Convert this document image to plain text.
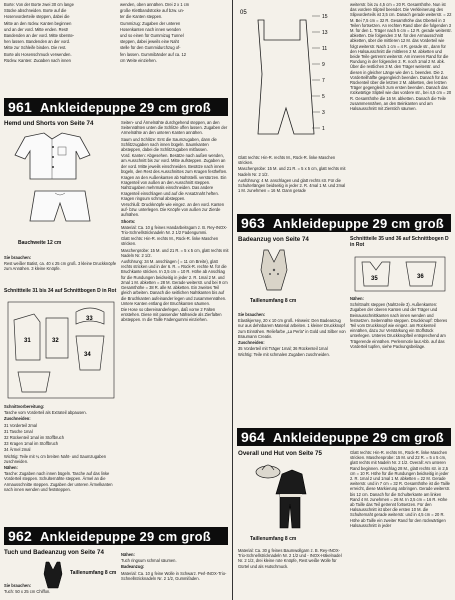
Borte: Von der Borte zwei 30 cm lange

Stücke abschneiden. Borte auf die

Hosenvorderteile steppen, dabei die

Mitte an den rückw. Kanten beginnen

und an der vord. Mitte enden. Rest!

Bandenden an der vord. Mitte überste-

hen lassen. Bandenden an der vord.

Mitte zur Schleife binden. Die rest.

Borte als Hosenschmuck verwenden.

Rückw. Kanten: Zugaben nach innen

wenden, oben annähen. Drei 2 x 1 cm

große Klettbandstücke auf bzw. un-

ter die Kanten steppen.

Gummizug: Zugaben der unteren

Hosenkanten nach innen wenden

und so einen für Gummizug Tunnel

steppen, dabei jeweils eine Naht

stelle für den Gummidurchzug of-

fen lassen. Gummibänder auf ca. 12

cm Weite einziehen.

961 Ankleidepuppe 29 cm groß
Hemd und Shorts von Seite 74
Bauchweite 12 cm

Sie brauchen:

Rest weißer Batist, ca. 40 x 25 cm groß. 3 kleine Druckknöpfe zum Annähen. 3 kleine Knöpfe.

Schnittteile 31 bis 34 auf Schnittbogen D in Rot
31	32
33
34

Schnittvorbereitung:

Tasche vom Vorderteil als Extrateil abpausen.

Zuschneiden:

31 Vorderteil 2mal

31 Tasche 1mal

32 Rückenteil 1mal im Stoffbruch

33 Kragen 1mal im Stoffbruch

34 Ärmel 2mal

Wichtig: Teile mit ¼ cm breiten Naht- und Saumzugaben zuschneiden.

Nähen:

Tasche: Zugaben nach innen bügeln. Tasche auf das linke Vorderteil steppen. Schulternähte steppen. Ärmel an die Armausschnitte steppen. Zugaben der unteren Ärmelkanten nach innen wenden und feststeppen.

Seiten- und Ärmelnähte durchgehend steppen, an den Seitennähten unten die Schlitze offen lassen. Zugaben der Armelnähte an den unteren Kanten annähen.

Saum und Schlitze: Erst die Saumzugaben, dann die Schlitzzugaben nach innen bügeln. Saumkanten absteppen, dabei die Schlitzzugaben mitfassen.

Vord. Kanten: Abgesehen. Besätze nach außen wenden, am Ausschnitt bis zur vord. Mitte aufsteppen. Zugaben an der vord. Mitte jeweils einschneiden. Besätze nach innen bügeln, den Rest des Ausschnittes zum Kragen festheften.

Kragen an den Außenkanten ab Nahtstelli. verstürzen. Ein Kragenteil von außen an den Ausschnitt steppen. Nahtzugaben mehrmals einschneiden. Das andere Kragenteil einschlagen und auf die Ansatznaht heften. Kragen ringsum schmal absteppen.

Verschluß: Druckknöpfe wie eingez. an den vord. Kanten auf- bzw. unterlegen. Die Knöpfe von außen zur Zierde aufnähen.

Shorts:

Material: Ca. 10 g feines Handarbeitsgarn z. B. Rey-INOX-Trio-Schnellstricknadeln Nr. 2 1/2 Fadengummi.

Glatt rechts: Hin-R. rechts M., Rück-R. linke Maschen stricken.

Maschenprobe: 15 M. und 21 R. = 5 x 5 cm, glatt rechts mit Nadeln Nr. 2 1/2.

Ausführung: 34 M. anschlagen ( = 11 cm Breite), glatt rechts stricken und in der 6. R. = Rück-R. rechte M. für die Bruchkante stricken. In 3,5 cm = 10 R. Höhe ab Anschlag für die Rundungen beidseitig in jeder 2. R. 1mal 2 M. und 2mal 1 M. abketten = 28 M. Gerade weiterstr. und bei 9 cm Gesamthöhe = 38 R. alle M. abketten. Ein zweites Teil gleich arbeiten. Danach die seitlichen Nahtkanten bis auf die Bruchkanten aufeinander legen und zusammennähen. Untere Kanten entlang der Bruchkanten säumen.

Die Hose so übereinanderlegen, daß vorne 2 Falten entstehen. Diese mit passender Nähseide als Zierfalten absteppen. In die Taille Fadengummi einziehen.

962 Ankleidepuppe 29 cm groß
Tuch und Badeanzug von Seite 74
Taillenumfang 8 cm

Sie brauchen:

Tuch: 50 x 25 cm Chiffon.

Nähen:

Tuch ringsum schmal säumen.

Badeanzug:

Material: Ca. 10 g feine Wolle in Schwarz. Perl-INOX-Trio-Schnellstricknadeln Nr. 2 1/2, Gummifaden.

15
13
11
9
7
5
3
1
05

Glatt rechts: Hin-R. rechts M., Rück-R. linke Maschen stricken.

Maschenprobe: 15 M. und 21 R. = 5 x 5 cm, glatt rechts mit Nadeln Nr. 2 1/2.

Ausführung: 4 M. anschlagen und glatt rechts str. Für die Schulterlängen beidseitig in jeder 2. R. 4mal 1 M. und 2mal 1 M. zunehmen = 16 M. Dann gerade

weiterstr. bis zu 4,5 cm = 20 R. Gesamthöhe. Nun ist das vordere Slipteil beendet. Die Verkleinerung des Slipvorderteils ist 3,5 cm. Danach gerade weiterstr. = 22 M. Bei 7,5 cm = 32 R. Gesamthöhe das Oberteil in 3 Teilen fortsetzen. An rechten Rand über die folgenden 3 M. für den 1. Träger nach 5 cm = 12 R. gerade weiterstr. abketten. Die folgenden 3 M. für den Armausschnitt abketten, über die mittleren 12 M. das Vorderteil wie folgt weiterstr. Nach 1 cm = 4 R. gerade str., dann für den Halsausschnitt die mittleren 2 M. abketten und beide Teile getrennt weiterstr. Am inneren Rand für die Rundung in der folgenden 2. R. noch 1mal 2 M. abk. Über die restlichen 3 M. den Träger weiterstr. und diesen in gleicher Länge wie den 1. beenden. Die 2. Vorderteilhälfte gegengleich beenden. Danach für das Rückenteil über die letzten 2 M. abketten, den letzten Träger gegengleich zum ersten beenden. Danach das rückwärtige Slipteil wie das vordere str., bei 4,5 cm = 20 R. Gesamthöhe die 16 M. abketten. Danach die Teile zusammennähen, an den Beinkanten und am Halsausschnitt mit Zierstich säumen.

963 Ankleidepuppe 29 cm groß
Badeanzug von Seite 74
Taillenumfang 8 cm

Sie brauchen:

Elastikjersey, 20 x 10 cm groß. Hinweis: Den Badeanzug nur aus dehnbarem Material arbeiten. 1 kleiner Druckknopf zum Einnähen. Reliefarbe „La Perla“ in Gold und Silber von Braumann Creativ.

Zuschneiden:

35 Vorderteil mit Träger 1mal; 36 Rückenteil 1mal

Wichtig: Teile mit schmalen Zugaben zuschneiden.

Schnittteile 35 und 36 auf Schnittbogen D in Rot
35	36

Nähen:

Schrittnaht steppen (Nahtzeile 3). Außenkanten: Zugaben der oberen Kanten und der Träger und Beinausschnittkanten nach innen wenden und festsetzen. Seitennähte steppen. Druckknopf: Oberes Teil vom Druckknopf wie eingez. am Rückenteil einnähen, dazu zur Verstärkung ein Stoffstück unterlegen. Unteres Druckknopfteil entsprechend am Trägerende einnähen. Perlenmotiv laut Abb. auf das Vorderteil tupfen, siehe Packungsbeilage.

964 Ankleidepuppe 29 cm groß
Overall und Hut von Seite 75
Taillenumfang 8 cm

Material: Ca. 30 g feines Baumwollgarn z. B. Rey-INOX-Trio-Schnellstricknadeln Nr. 2 1/2 und - INOX-Häkelnadel Nr. 2 1/2, drei kleine rote Knöpfe, Rest weiße Wolle für Gürtel und als Hutschmuck.

Glatt rechts: Hin-R. rechts M., Rück-R. linke Maschen stricken. Maschenprobe: 15 M. und 22 R. = 5 x 5 cm, glatt rechts mit Nadeln Nr. 2 1/2. Overall: Am unteren Rand beginnen. Anschlag 28 M., glatt rechts str. in 2,5 cm = 10 R. Höhe für die Rundungen beidseitig in jeder 2. R. 1mal 2 und 1mal 1 M. abketten = 22 M. Gerade weiterstr. und in 7 cm = 32 R. Gesamthöhe ist die Taille erreicht, diese Markierung anbringen. Gerade weiterstr. bis 12 cm. Danach für die Schulterkante am linken Rand 4 M. zunehmen = 26 M. In 3,5 cm = 16 R. Höhe ab Taille das Teil getrennt fortsetzen. Für den Halsausschnitt ist über die ersten 10 M. die Schulternaht gerade weiterstr. und in 4,5 cm = 20 R. Höhe ab Taille ein zweiter Rand für den rückwärtigen Halsausschnitt in jeder
